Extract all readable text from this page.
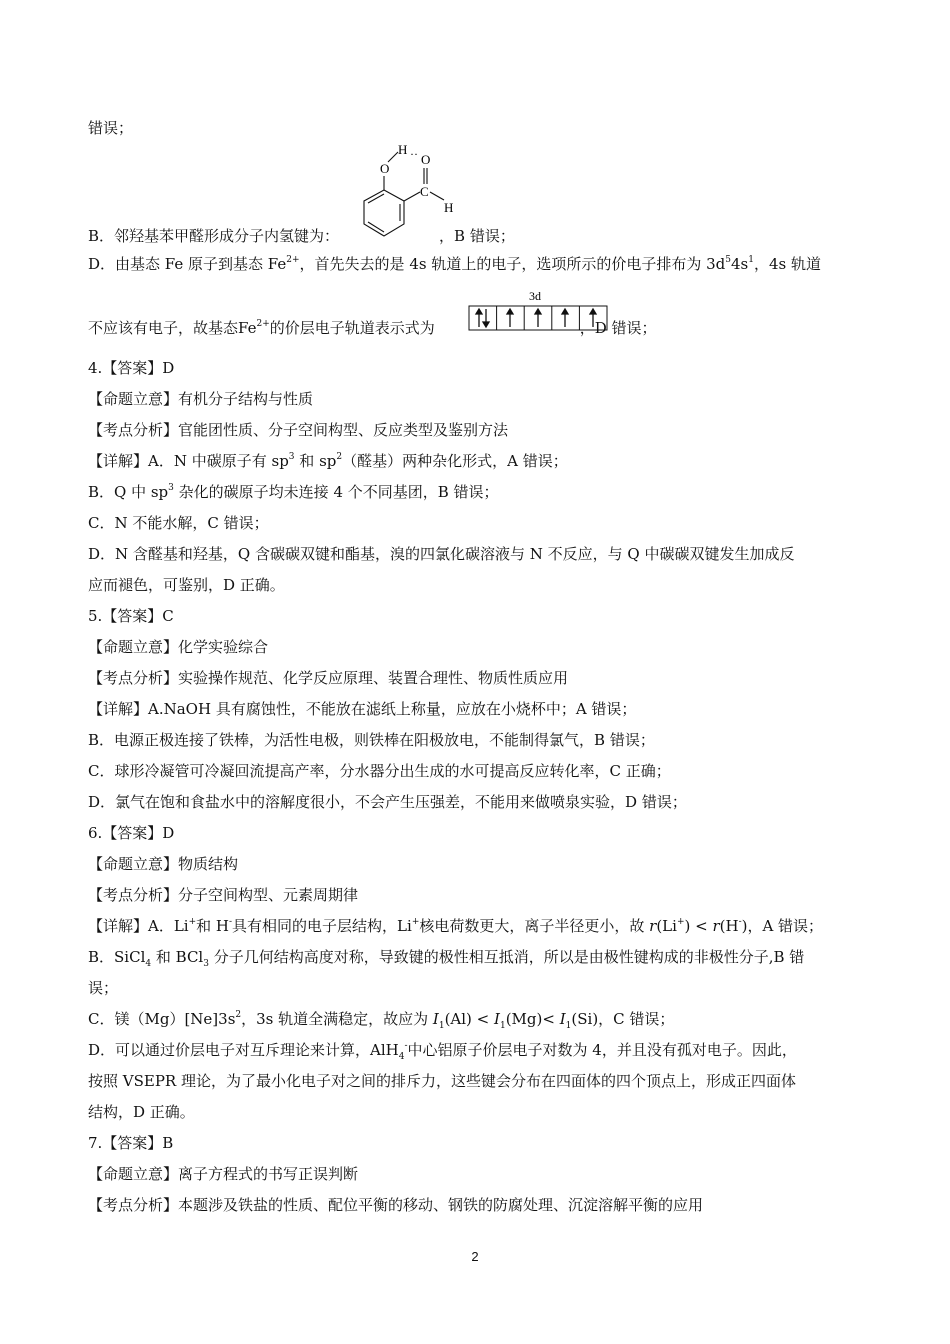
错误；
O
H ·· O
C
H
B．邻羟基苯甲醛形成分子内氢键为：	，B 错误；
D．由基态 Fe 原子到基态 $Fe^{2+}$，首先失去的是 4s 轨道上的电子，选项所示的价电子排布为 $3d^54s^1$，4s 轨道
3d
不应该有电子，故基态$Fe^{2+}$的价层电子轨道表示式为	，D 错误；
4.【答案】D
【命题立意】有机分子结构与性质
【考点分析】官能团性质、分子空间构型、反应类型及鉴别方法
【详解】A．N 中碳原子有 $sp^3$ 和 $sp^2$（醛基）两种杂化形式，A 错误；
B．Q 中 $sp^3$ 杂化的碳原子均未连接 4 个不同基团，B 错误；
C．N 不能水解，C 错误；
D．N 含醛基和羟基，Q 含碳碳双键和酯基，溴的四氯化碳溶液与 N 不反应，与 Q 中碳碳双键发生加成反
应而褪色，可鉴别，D 正确。
5.【答案】C
【命题立意】化学实验综合
【考点分析】实验操作规范、化学反应原理、装置合理性、物质性质应用
【详解】A.NaOH 具有腐蚀性，不能放在滤纸上称量，应放在小烧杯中；A 错误；
B．电源正极连接了铁棒，为活性电极，则铁棒在阳极放电，不能制得氯气，B 错误；
C．球形冷凝管可冷凝回流提高产率，分水器分出生成的水可提高反应转化率，C 正确；
D．氯气在饱和食盐水中的溶解度很小，不会产生压强差，不能用来做喷泉实验，D 错误；
6.【答案】D
【命题立意】物质结构
【考点分析】分子空间构型、元素周期律
【详解】A．Li+和 H-具有相同的电子层结构，Li+核电荷数更大，离子半径更小，故 r(Li+) < r(H-)，A 错误；
B．SiCl$_4$ 和 BCl$_3$ 分子几何结构高度对称，导致键的极性相互抵消，所以是由极性键构成的非极性分子,B 错
误；
C．镁$(Mg)[Ne]3s^2$，3s 轨道全满稳定，故应为 $I_1(Al) < I_1(Mg)< I_1(Si)$，C 错误；
D．可以通过价层电子对互斥理论来计算，AlH$_4$-中心铝原子价层电子对数为 4，并且没有孤对电子。因此，
按照 VSEPR 理论，为了最小化电子对之间的排斥力，这些键会分布在四面体的四个顶点上，形成正四面体
结构，D 正确。
7.【答案】B
【命题立意】离子方程式的书写正误判断
【考点分析】本题涉及铁盐的性质、配位平衡的移动、钢铁的防腐处理、沉淀溶解平衡的应用
2
